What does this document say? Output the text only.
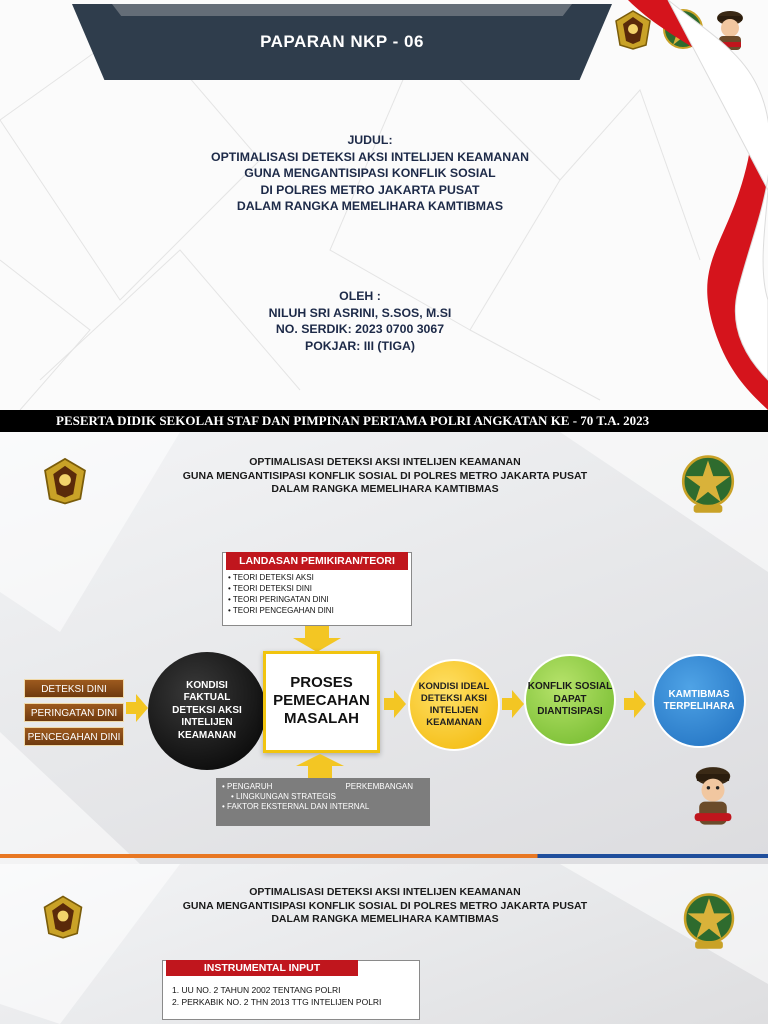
PAPARAN NKP - 06
JUDUL:
OPTIMALISASI DETEKSI AKSI INTELIJEN KEAMANAN
GUNA MENGANTISIPASI KONFLIK SOSIAL
DI POLRES METRO JAKARTA PUSAT
DALAM RANGKA MEMELIHARA KAMTIBMAS
OLEH :
NILUH SRI ASRINI, S.SOS, M.SI
NO. SERDIK: 2023 0700 3067
POKJAR: III (TIGA)
PESERTA DIDIK SEKOLAH STAF DAN PIMPINAN PERTAMA POLRI ANGKATAN KE - 70 T.A. 2023
OPTIMALISASI DETEKSI AKSI INTELIJEN KEAMANAN
GUNA MENGANTISIPASI KONFLIK SOSIAL DI POLRES METRO JAKARTA PUSAT
DALAM RANGKA MEMELIHARA KAMTIBMAS
LANDASAN PEMIKIRAN/TEORI
• TEORI DETEKSI AKSI
• TEORI DETEKSI DINI
• TEORI PERINGATAN DINI
• TEORI PENCEGAHAN DINI
DETEKSI DINI
PERINGATAN DINI
PENCEGAHAN DINI
KONDISI
FAKTUAL
DETEKSI AKSI
INTELIJEN
KEAMANAN
PROSES
PEMECAHAN
MASALAH
KONDISI IDEAL
DETEKSI AKSI
INTELIJEN
KEAMANAN
KONFLIK SOSIAL
DAPAT
DIANTISIPASI
KAMTIBMAS
TERPELIHARA
• PENGARUH	PERKEMBANGAN
• LINGKUNGAN STRATEGIS
• FAKTOR EKSTERNAL DAN INTERNAL
OPTIMALISASI DETEKSI AKSI INTELIJEN KEAMANAN
GUNA MENGANTISIPASI KONFLIK SOSIAL DI POLRES METRO JAKARTA PUSAT
DALAM RANGKA MEMELIHARA KAMTIBMAS
INSTRUMENTAL INPUT
1. UU NO. 2 TAHUN 2002 TENTANG POLRI
2. PERKABIK NO. 2 THN 2013 TTG INTELIJEN POLRI
